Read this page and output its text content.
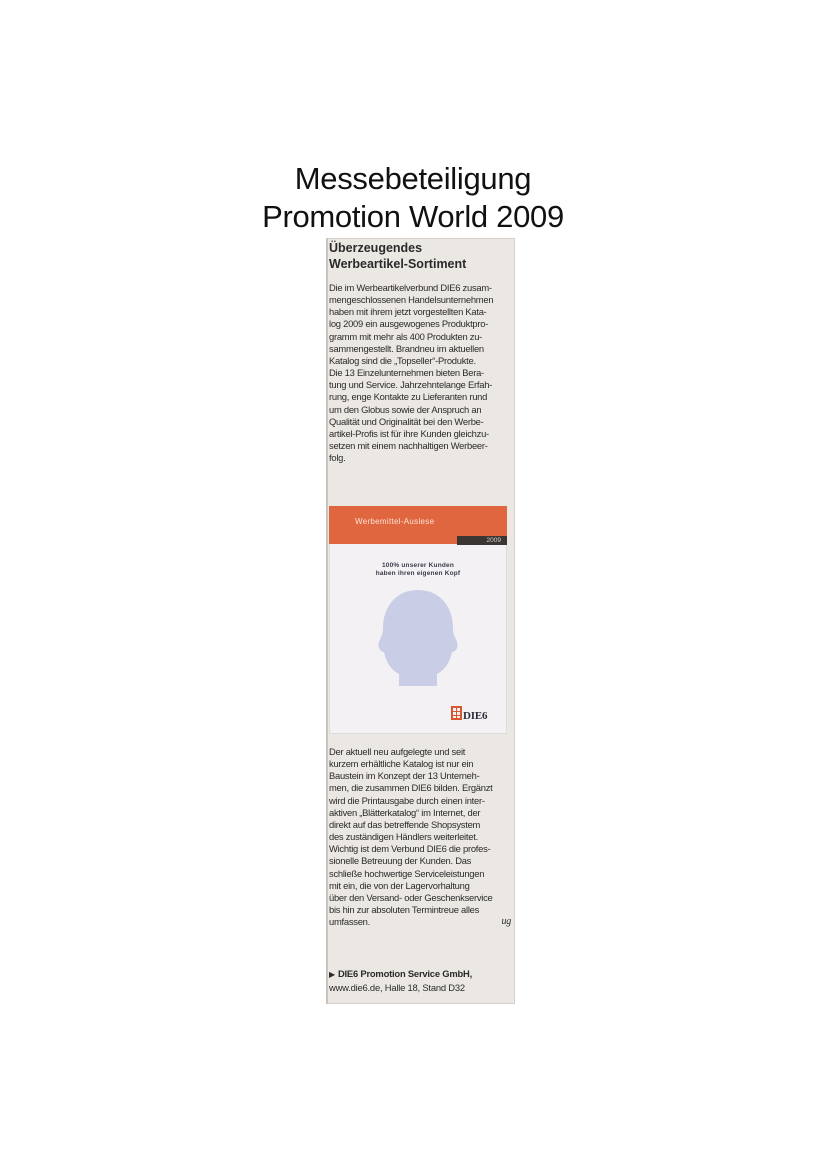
Messebeteiligung
Promotion World 2009
Überzeugendes
Werbeartikel-Sortiment
Die im Werbeartikelverbund DIE6 zusam-
mengeschlossenen Handelsunternehmen
haben mit ihrem jetzt vorgestellten Kata-
log 2009 ein ausgewogenes Produktpro-
gramm mit mehr als 400 Produkten zu-
sammengestellt. Brandneu im aktuellen
Katalog sind die „Topseller“-Produkte.
Die 13 Einzelunternehmen bieten Bera-
tung und Service. Jahrzehntelange Erfah-
rung, enge Kontakte zu Lieferanten rund
um den Globus sowie der Anspruch an
Qualität und Originalität bei den Werbe-
artikel-Profis ist für ihre Kunden gleichzu-
setzen mit einem nachhaltigen Werbeer-
folg.
Werbemittel-Auslese
2009
100% unserer Kunden
haben ihren eigenen Kopf
DIE6
Der aktuell neu aufgelegte und seit
kurzem erhältliche Katalog ist nur ein
Baustein im Konzept der 13 Unterneh-
men, die zusammen DIE6 bilden. Ergänzt
wird die Printausgabe durch einen inter-
aktiven „Blätterkatalog“ im Internet, der
direkt auf das betreffende Shopsystem
des zuständigen Händlers weiterleitet.
Wichtig ist dem Verbund DIE6 die profes-
sionelle Betreuung der Kunden. Das
schließe hochwertige Serviceleistungen
mit ein, die von der Lagervorhaltung
über den Versand- oder Geschenkservice
bis hin zur absoluten Termintreue alles
umfassen.	ug
▶ DIE6 Promotion Service GmbH,
www.die6.de, Halle 18, Stand D32
